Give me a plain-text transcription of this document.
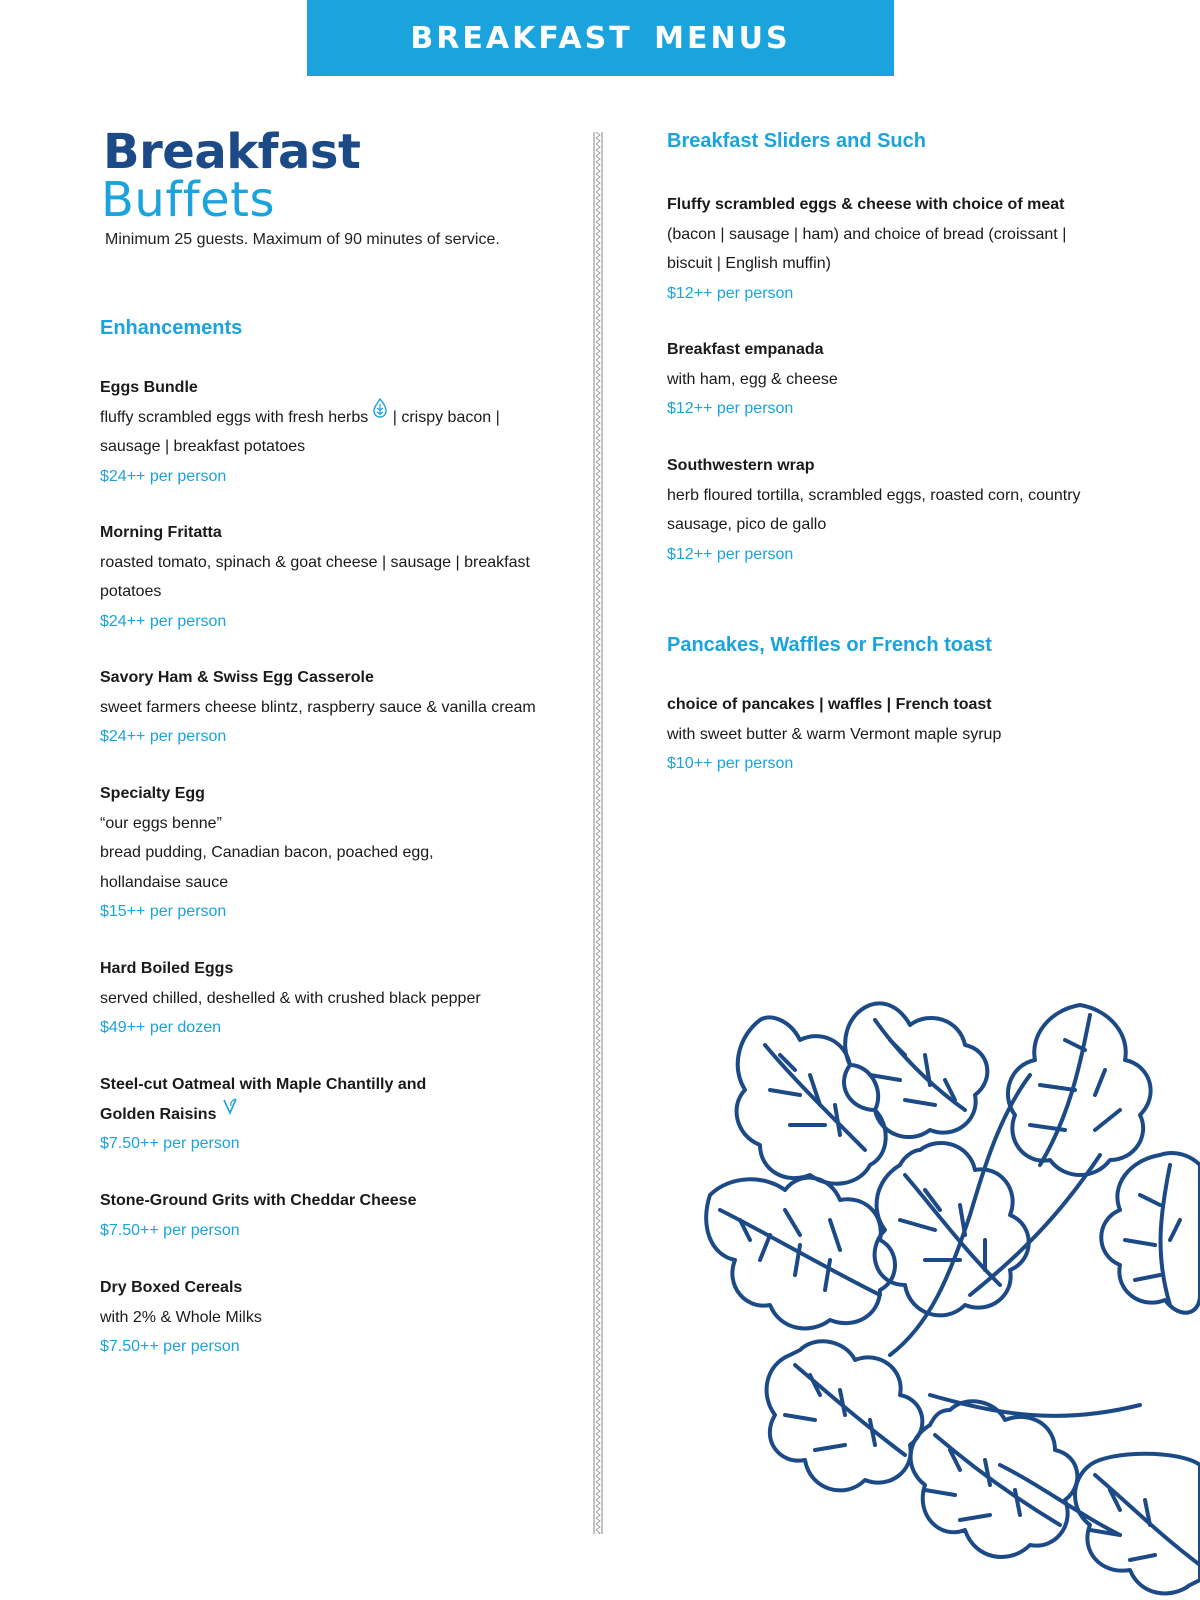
BREAKFAST MENUS
Breakfast
Buffets
Minimum 25 guests. Maximum of 90 minutes of service.
Enhancements
Eggs Bundle
fluffy scrambled eggs with fresh herbs | crispy bacon |
sausage | breakfast potatoes
$24++ per person
Morning Fritatta
roasted tomato, spinach & goat cheese | sausage | breakfast
potatoes
$24++ per person
Savory Ham & Swiss Egg Casserole
sweet farmers cheese blintz, raspberry sauce & vanilla cream
$24++ per person
Specialty Egg
“our eggs benne”
bread pudding, Canadian bacon, poached egg,
hollandaise sauce
$15++ per person
Hard Boiled Eggs
served chilled, deshelled & with crushed black pepper
$49++ per dozen
Steel-cut Oatmeal with Maple Chantilly and
Golden Raisins
$7.50++ per person
Stone-Ground Grits with Cheddar Cheese
$7.50++ per person
Dry Boxed Cereals
with 2% & Whole Milks
$7.50++ per person
Breakfast Sliders and Such
Fluffy scrambled eggs & cheese with choice of meat
(bacon | sausage | ham) and choice of bread (croissant |
biscuit | English muffin)
$12++ per person
Breakfast empanada
with ham, egg & cheese
$12++ per person
Southwestern wrap
herb floured tortilla, scrambled eggs, roasted corn, country
sausage, pico de gallo
$12++ per person
Pancakes, Waffles or French toast
choice of pancakes | waffles | French toast
with sweet butter & warm Vermont maple syrup
$10++ per person
